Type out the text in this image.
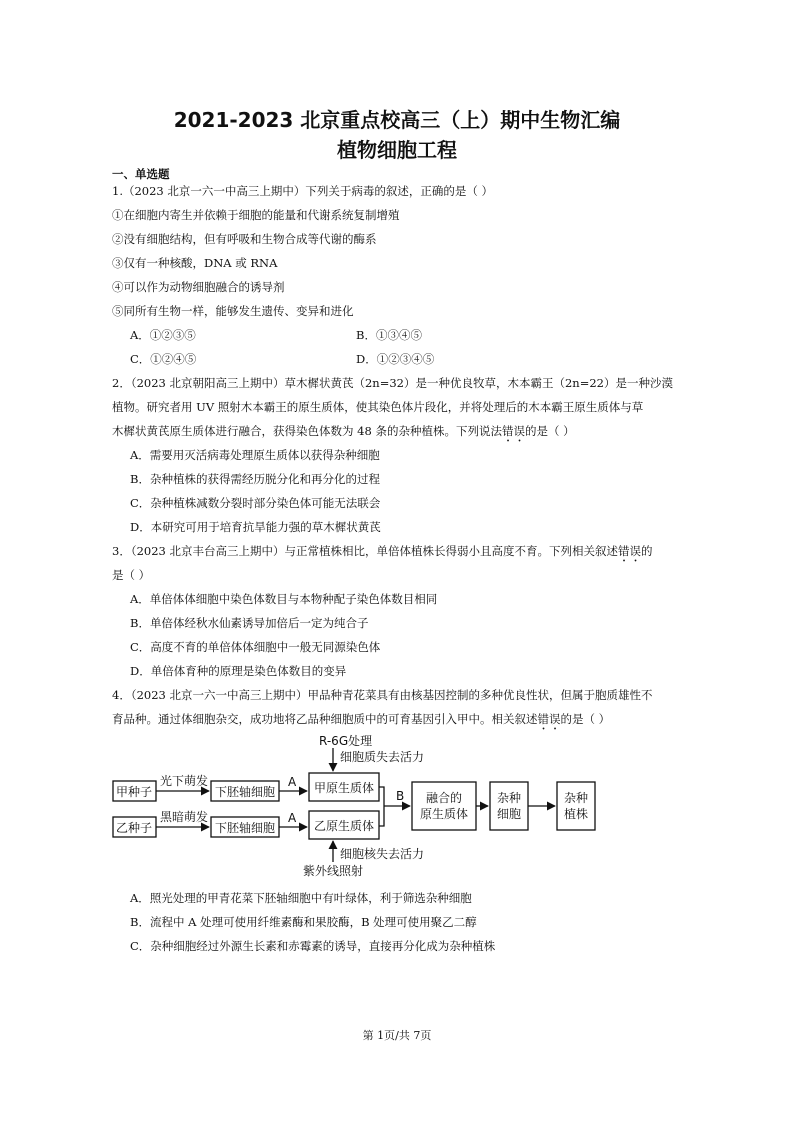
2021-2023 北京重点校高三（上）期中生物汇编
植物细胞工程
一、单选题
1.（2023 北京一六一中高三上期中）下列关于病毒的叙述，正确的是（ ）
①在细胞内寄生并依赖于细胞的能量和代谢系统复制增殖
②没有细胞结构，但有呼吸和生物合成等代谢的酶系
③仅有一种核酸，DNA 或 RNA
④可以作为动物细胞融合的诱导剂
⑤同所有生物一样，能够发生遗传、变异和进化
A．①②③⑤	B．①③④⑤
C．①②④⑤	D．①②③④⑤
2．（2023 北京朝阳高三上期中）草木樨状黄芪（2n=32）是一种优良牧草，木本霸王（2n=22）是一种沙漠
植物。研究者用 UV 照射木本霸王的原生质体，使其染色体片段化，并将处理后的木本霸王原生质体与草
木樨状黄芪原生质体进行融合，获得染色体数为 48 条的杂种植株。下列说法错误的是（ ）
A．需要用灭活病毒处理原生质体以获得杂种细胞
B．杂种植株的获得需经历脱分化和再分化的过程
C．杂种植株减数分裂时部分染色体可能无法联会
D．本研究可用于培育抗旱能力强的草木樨状黄芪
3．（2023 北京丰台高三上期中）与正常植株相比，单倍体植株长得弱小且高度不育。下列相关叙述错误的
是（ ）
A．单倍体体细胞中染色体数目与本物种配子染色体数目相同
B．单倍体经秋水仙素诱导加倍后一定为纯合子
C．高度不育的单倍体体细胞中一般无同源染色体
D．单倍体育种的原理是染色体数目的变异
4．（2023 北京一六一中高三上期中）甲品种青花菜具有由核基因控制的多种优良性状，但属于胞质雄性不
育品种。通过体细胞杂交，成功地将乙品种细胞质中的可育基因引入甲中。相关叙述错误的是（ ）
R-6G处理
细胞质失去活力
甲种子
乙种子
光下萌发
黑暗萌发
下胚轴细胞
下胚轴细胞
A
A
甲原生质体
乙原生质体
B 融合的
原生质体
杂种
细胞
杂种
植株
细胞核失去活力
紫外线照射
A．照光处理的甲青花菜下胚轴细胞中有叶绿体，利于筛选杂种细胞
B．流程中 A 处理可使用纤维素酶和果胶酶，B 处理可使用聚乙二醇
C．杂种细胞经过外源生长素和赤霉素的诱导，直接再分化成为杂种植株
第 1页/共 7页
